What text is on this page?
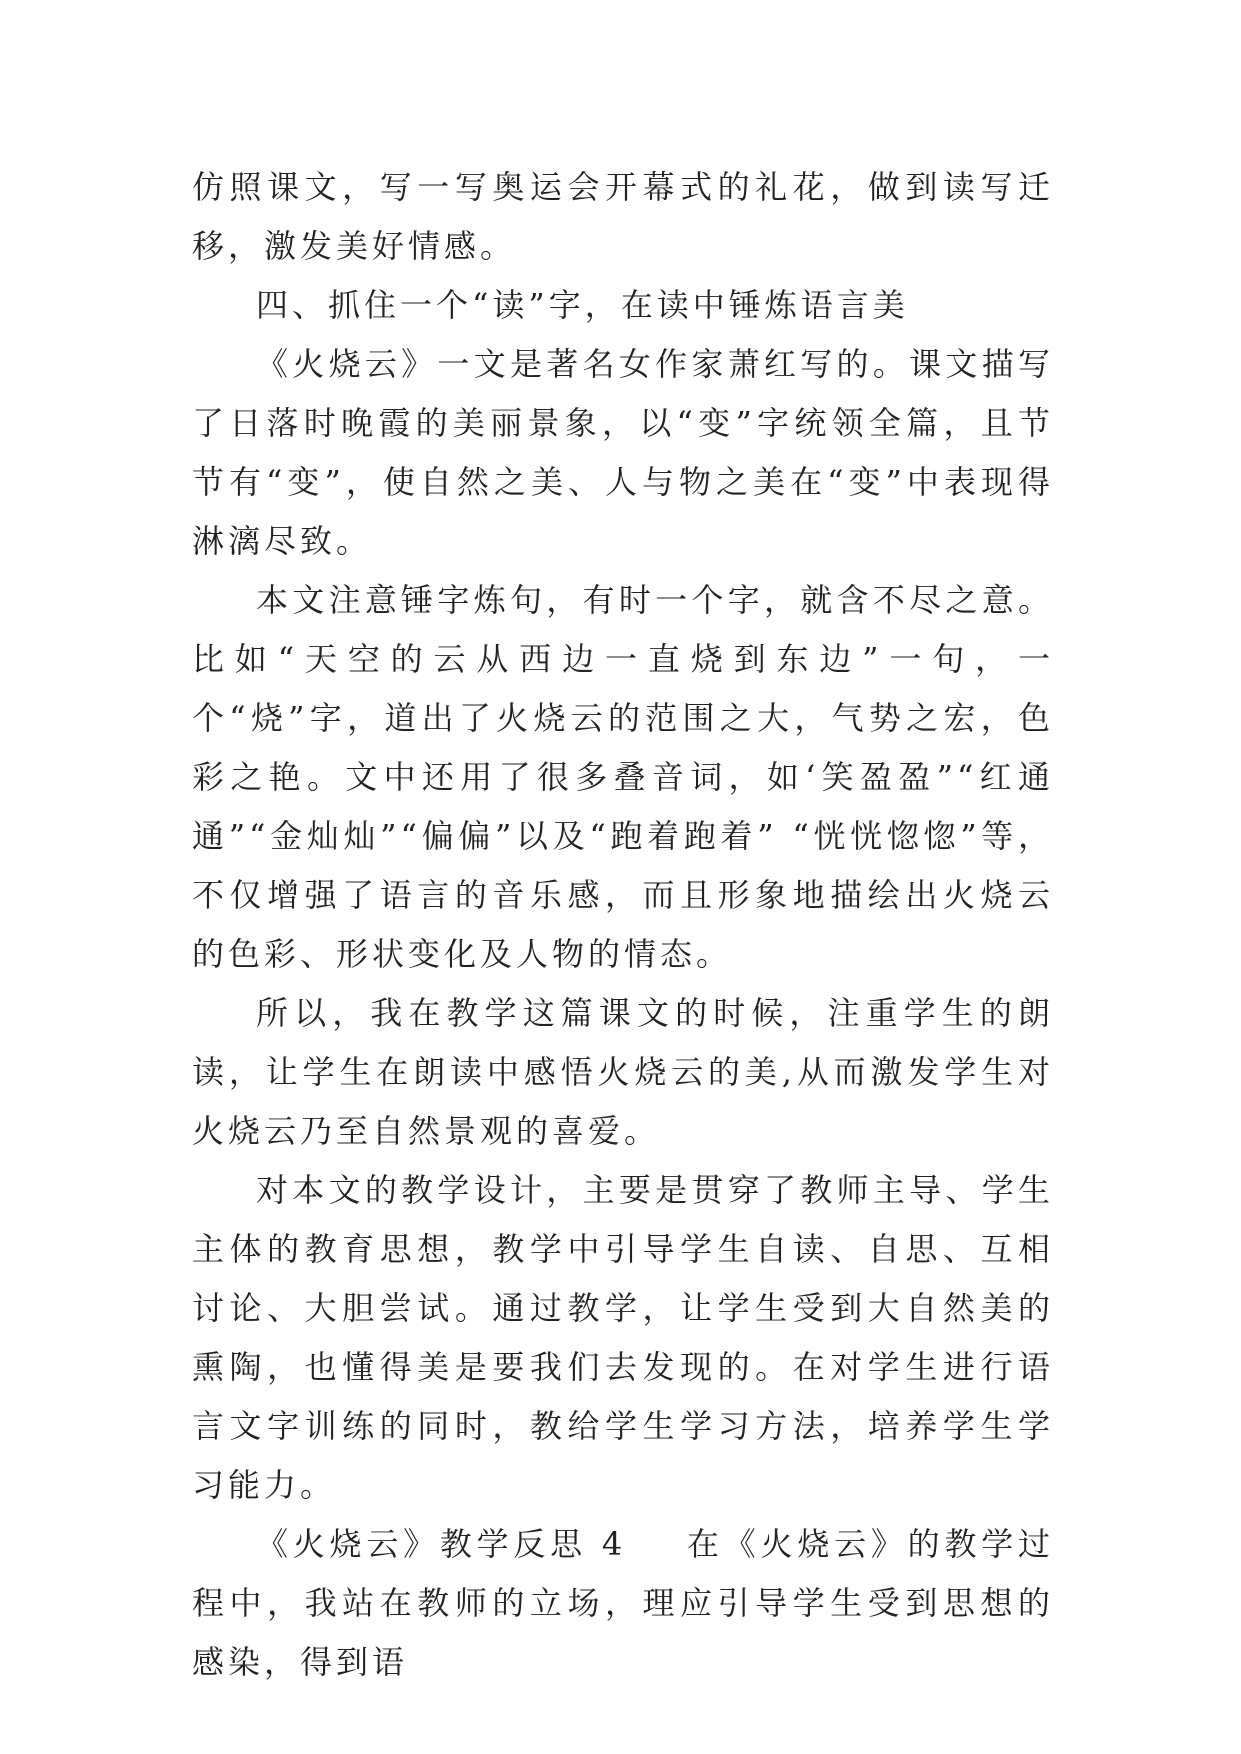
仿照课文，写一写奥运会开幕式的礼花，做到读写迁移，激发美好情感。

四、抓住一个“读”字，在读中锤炼语言美

《火烧云》一文是著名女作家萧红写的。课文描写了日落时晚霞的美丽景象，以“变”字统领全篇，且节节有“变”，使自然之美、人与物之美在“变”中表现得淋漓尽致。

本文注意锤字炼句，有时一个字，就含不尽之意。比如“天空的云从西边一直烧到东边”一句，一个“烧”字，道出了火烧云的范围之大，气势之宏，色彩之艳。文中还用了很多叠音词，如‘笑盈盈”“红通通”“金灿灿”“偏偏”以及“跑着跑着” “恍恍惚惚”等，不仅增强了语言的音乐感，而且形象地描绘出火烧云的色彩、形状变化及人物的情态。

所以，我在教学这篇课文的时候，注重学生的朗读，让学生在朗读中感悟火烧云的美,从而激发学生对火烧云乃至自然景观的喜爱。

对本文的教学设计，主要是贯穿了教师主导、学生主体的教育思想，教学中引导学生自读、自思、互相讨论、大胆尝试。通过教学，让学生受到大自然美的熏陶，也懂得美是要我们去发现的。在对学生进行语言文字训练的同时，教给学生学习方法，培养学生学习能力。

《火烧云》教学反思 4 在《火烧云》的教学过程中，我站在教师的立场，理应引导学生受到思想的感染，得到语
